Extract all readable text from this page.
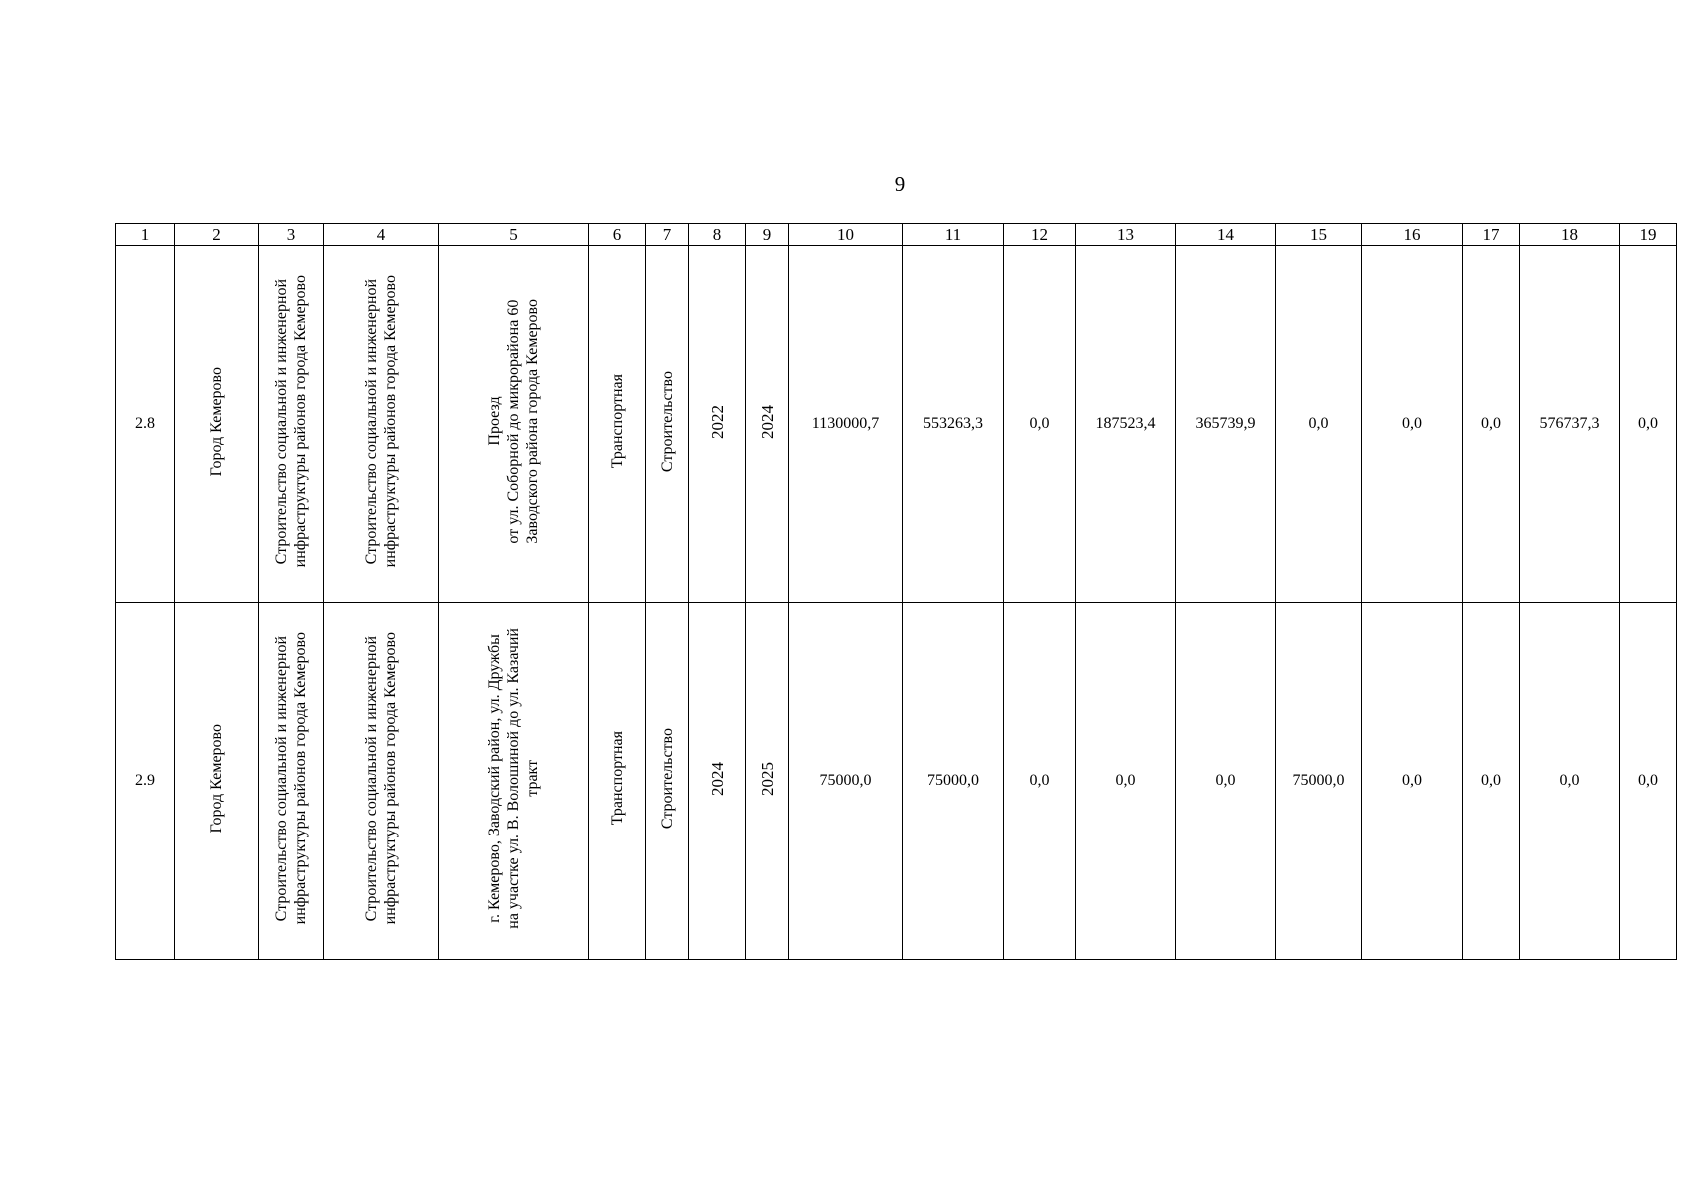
9
1	2	3	4	5	6	7	8	9	10	11	12	13	14	15	16	17	18	19
2.8	Город Кемерово	Строительство социальной и инженерной
инфраструктуры районов города Кемерово	Строительство социальной и инженерной
инфраструктуры районов города Кемерово	Проезд
от ул. Соборной до микрорайона 60
Заводского района города Кемерово	Транспортная	Строительство	2022	2024	1130000,7	553263,3	0,0	187523,4	365739,9	0,0	0,0	0,0	576737,3	0,0
2.9	Город Кемерово	Строительство социальной и инженерной
инфраструктуры районов города Кемерово	Строительство социальной и инженерной
инфраструктуры районов города Кемерово	г. Кемерово, Заводский район, ул. Дружбы
на участке ул. В. Волошиной до ул. Казачий
тракт	Транспортная	Строительство	2024	2025	75000,0	75000,0	0,0	0,0	0,0	75000,0	0,0	0,0	0,0	0,0
